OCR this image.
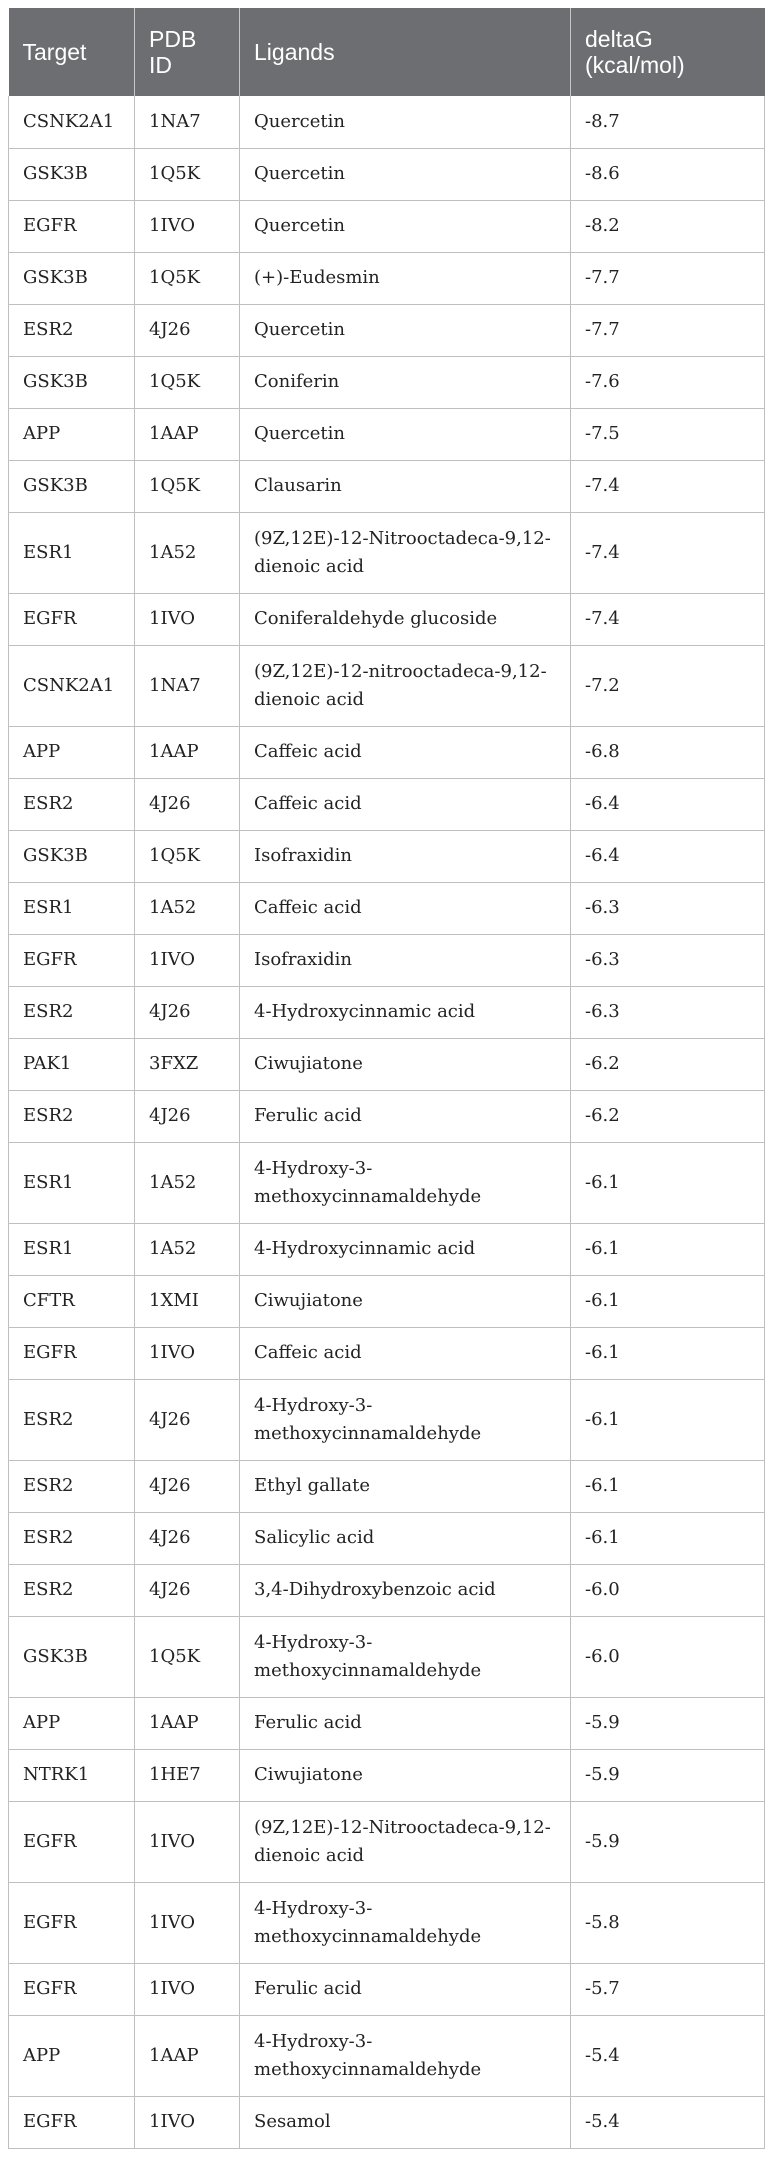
Target	PDB ID	Ligands	deltaG (kcal/mol)
CSNK2A1	1NA7	Quercetin	-8.7
GSK3B	1Q5K	Quercetin	-8.6
EGFR	1IVO	Quercetin	-8.2
GSK3B	1Q5K	(+)-Eudesmin	-7.7
ESR2	4J26	Quercetin	-7.7
GSK3B	1Q5K	Coniferin	-7.6
APP	1AAP	Quercetin	-7.5
GSK3B	1Q5K	Clausarin	-7.4
ESR1	1A52	(9Z,12E)-12-Nitrooctadeca-9,12-dienoic acid	-7.4
EGFR	1IVO	Coniferaldehyde glucoside	-7.4
CSNK2A1	1NA7	(9Z,12E)-12-nitrooctadeca-9,12-dienoic acid	-7.2
APP	1AAP	Caffeic acid	-6.8
ESR2	4J26	Caffeic acid	-6.4
GSK3B	1Q5K	Isofraxidin	-6.4
ESR1	1A52	Caffeic acid	-6.3
EGFR	1IVO	Isofraxidin	-6.3
ESR2	4J26	4-Hydroxycinnamic acid	-6.3
PAK1	3FXZ	Ciwujiatone	-6.2
ESR2	4J26	Ferulic acid	-6.2
ESR1	1A52	4-Hydroxy-3-methoxycinnamaldehyde	-6.1
ESR1	1A52	4-Hydroxycinnamic acid	-6.1
CFTR	1XMI	Ciwujiatone	-6.1
EGFR	1IVO	Caffeic acid	-6.1
ESR2	4J26	4-Hydroxy-3-methoxycinnamaldehyde	-6.1
ESR2	4J26	Ethyl gallate	-6.1
ESR2	4J26	Salicylic acid	-6.1
ESR2	4J26	3,4-Dihydroxybenzoic acid	-6.0
GSK3B	1Q5K	4-Hydroxy-3-methoxycinnamaldehyde	-6.0
APP	1AAP	Ferulic acid	-5.9
NTRK1	1HE7	Ciwujiatone	-5.9
EGFR	1IVO	(9Z,12E)-12-Nitrooctadeca-9,12-dienoic acid	-5.9
EGFR	1IVO	4-Hydroxy-3-methoxycinnamaldehyde	-5.8
EGFR	1IVO	Ferulic acid	-5.7
APP	1AAP	4-Hydroxy-3-methoxycinnamaldehyde	-5.4
EGFR	1IVO	Sesamol	-5.4
